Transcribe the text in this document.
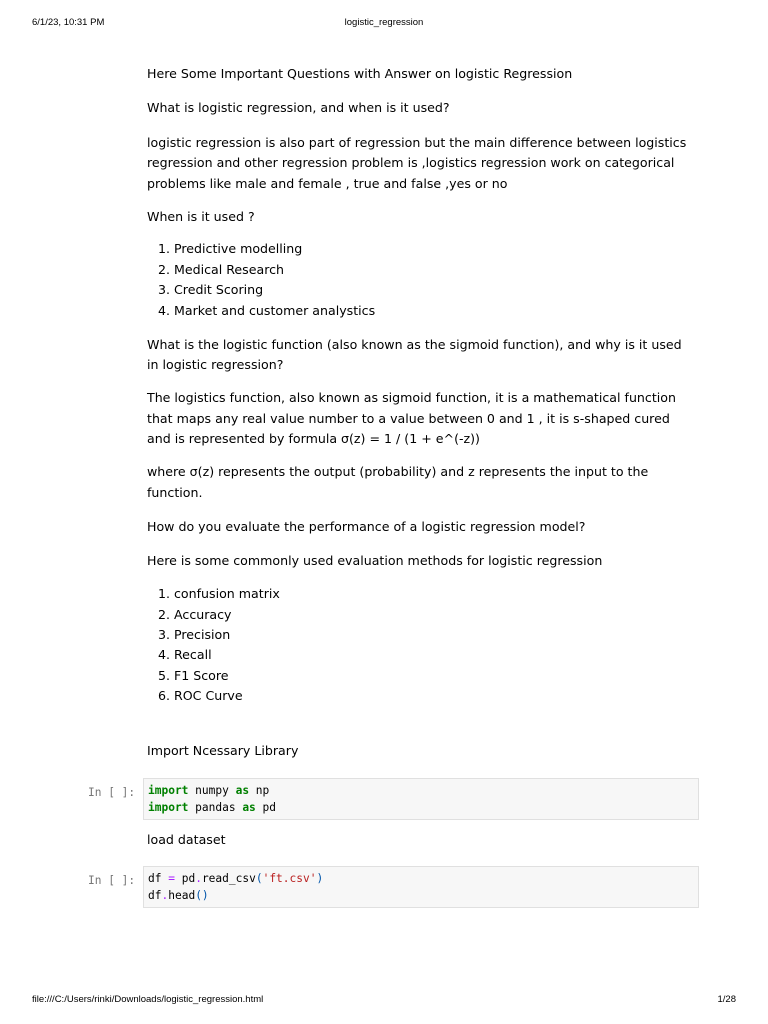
6/1/23, 10:31 PM	logistic_regression

Here Some Important Questions with Answer on logistic Regression

What is logistic regression, and when is it used?

logistic regression is also part of regression but the main difference between logistics regression and other regression problem is ,logistics regression work on categorical problems like male and female , true and false ,yes or no

When is it used ?

1. Predictive modelling
2. Medical Research
3. Credit Scoring
4. Market and customer analystics

What is the logistic function (also known as the sigmoid function), and why is it used in logistic regression?

The logistics function, also known as sigmoid function, it is a mathematical function that maps any real value number to a value between 0 and 1 , it is s-shaped cured and is represented by formula σ(z) = 1 / (1 + e^(-z))

where σ(z) represents the output (probability) and z represents the input to the function.

How do you evaluate the performance of a logistic regression model?

Here is some commonly used evaluation methods for logistic regression

1. confusion matrix
2. Accuracy
3. Precision
4. Recall
5. F1 Score
6. ROC Curve

Import Ncessary Library

In [ ]: import numpy as np
import pandas as pd

load dataset

In [ ]: df = pd.read_csv('ft.csv')
df.head()
file:///C:/Users/rinki/Downloads/logistic_regression.html	1/28
